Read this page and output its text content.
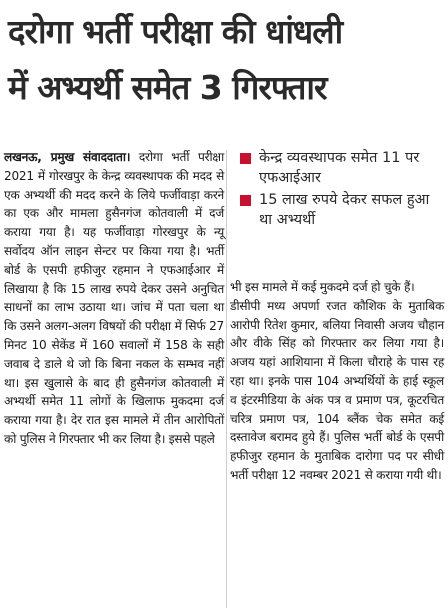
दरोगा भर्ती परीक्षा की धांधली
में अभ्यर्थी समेत 3 गिरफ्तार

लखनऊ, प्रमुख संवाददाता। दरोगा भर्ती परीक्षा 2021 में गोरखपुर के केन्द्र व्यवस्थापक की मदद से एक अभ्यर्थी की मदद करने के लिये फर्जीवाड़ा करने का एक और मामला हुसैनगंज कोतवाली में दर्ज कराया गया है। यह फर्जीवाड़ा गोरखपुर के न्यू सर्वोदय ऑन लाइन सेन्टर पर किया गया है। भर्ती बोर्ड के एसपी हफीजुर रहमान ने एफआईआर में लिखाया है कि 15 लाख रुपये देकर उसने अनुचित साधनों का लाभ उठाया था। जांच में पता चला था कि उसने अलग-अलग विषयों की परीक्षा में सिर्फ 27 मिनट 10 सेकेंड में 160 सवालों में 158 के सही जवाब दे डाले थे जो कि बिना नकल के सम्भव नहीं था। इस खुलासे के बाद ही हुसैनगंज कोतवाली में अभ्यर्थी समेत 11 लोगों के खिलाफ मुकदमा दर्ज कराया गया है। देर रात इस मामले में तीन आरोपितों को पुलिस ने गिरफ्तार भी कर लिया है। इससे पहले

केन्द्र व्यवस्थापक समेत 11 पर एफआईआर
15 लाख रुपये देकर सफल हुआ था अभ्यर्थी

भी इस मामले में कई मुकदमे दर्ज हो चुके हैं।

डीसीपी मध्य अपर्णा रजत कौशिक के मुताबिक आरोपी रितेश कुमार, बलिया निवासी अजय चौहान और वीके सिंह को गिरफ्तार कर लिया गया है। अजय यहां आशियाना में किला चौराहे के पास रह रहा था। इनके पास 104 अभ्यर्थियों के हाई स्कूल व इंटरमीडिया के अंक पत्र व प्रमाण पत्र, कूटरचित चरित्र प्रमाण पत्र, 104 ब्लैंक चेक समेत कई दस्तावेज बरामद हुये हैं। पुलिस भर्ती बोर्ड के एसपी हफीजुर रहमान के मुताबिक दारोगा पद पर सीधी भर्ती परीक्षा 12 नवम्बर 2021 से कराया गयी थी।
